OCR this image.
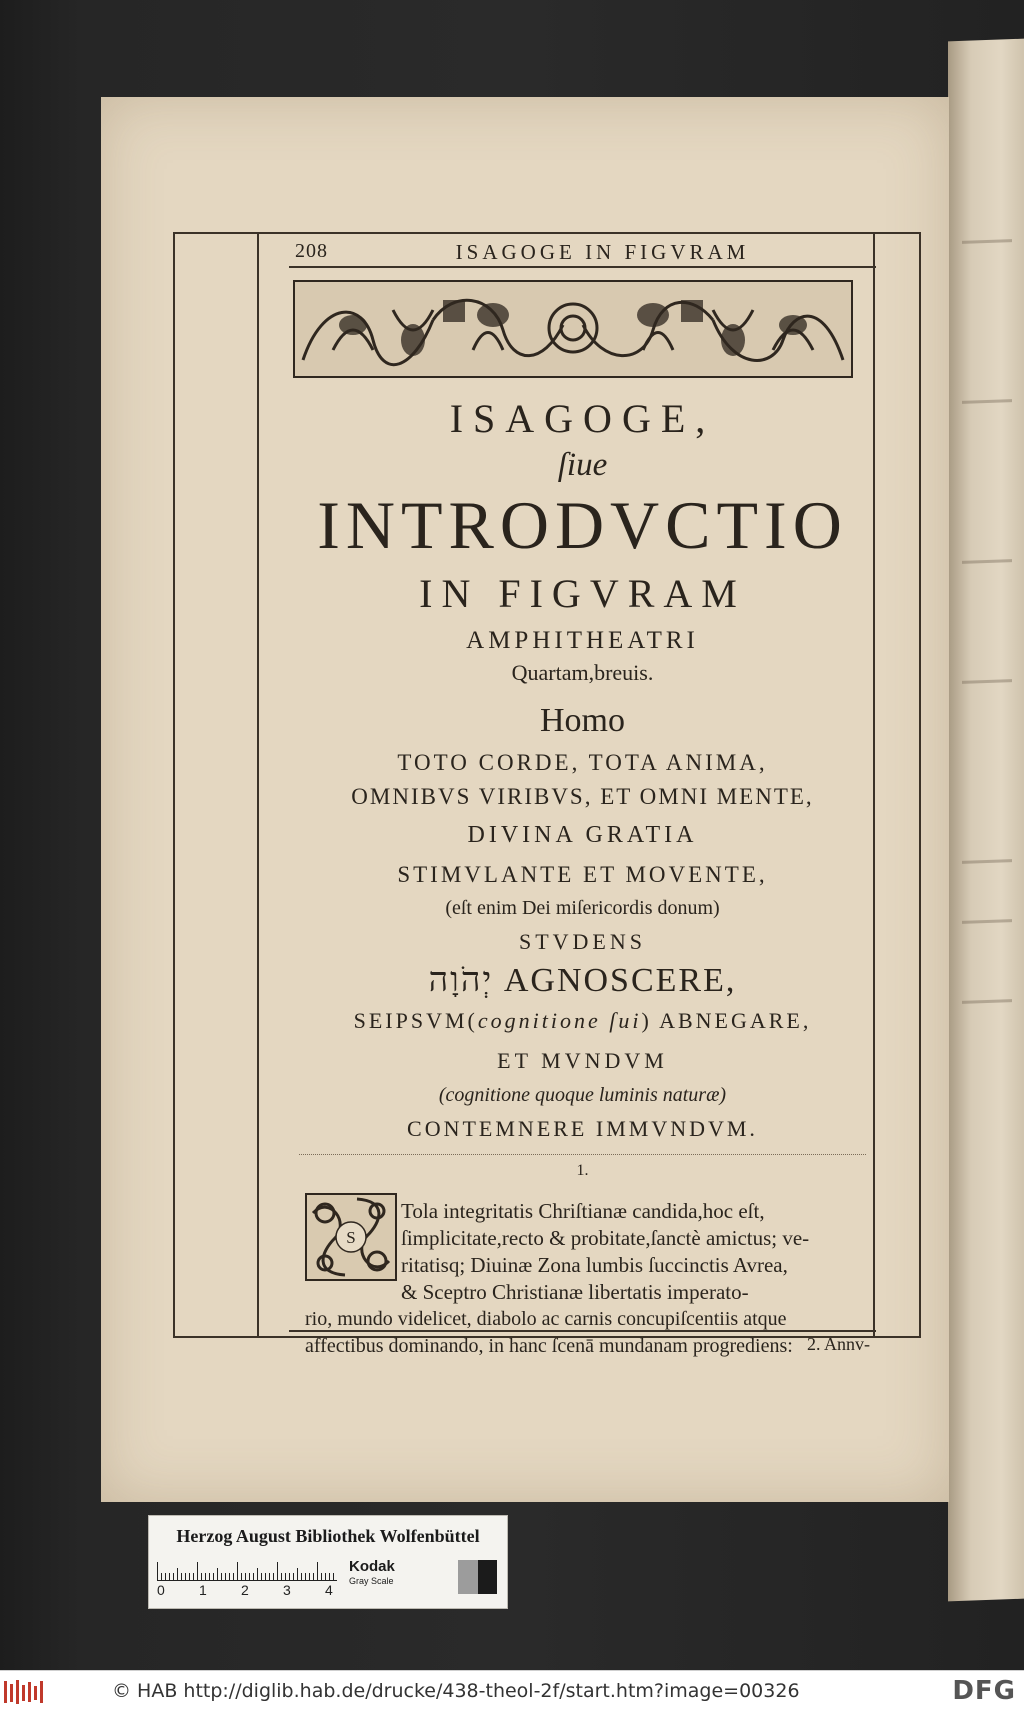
208	ISAGOGE IN FIGVRAM
ISAGOGE,
ſiue
INTRODVCTIO
IN FIGVRAM
AMPHITHEATRI
Quartam,breuis.
Homo
TOTO CORDE, TOTA ANIMA,
OMNIBVS VIRIBVS, ET OMNI MENTE,
DIVINA GRATIA
STIMVLANTE ET MOVENTE,
(eſt enim Dei miſericordis donum)
STVDENS
יְהֹוָה AGNOSCERE,
SEIPSVM(cognitione ſui) ABNEGARE,
ET MVNDVM
(cognitione quoque luminis naturæ)
CONTEMNERE IMMVNDVM.
1.
S
Tola integritatis Chriſtianæ candida,hoc eſt,
ſimplicitate,recto & probitate,ſanctè amictus; ve-
ritatisq; Diuinæ Zona lumbis ſuccinctis Avrea,
& Sceptro Christianæ libertatis imperato-
rio, mundo videlicet, diabolo ac carnis concupiſcentiis atque
affectibus dominando, in hanc ſcenā mundanam progrediens: 2. Annv-
Herzog August Bibliothek Wolfenbüttel
0 1 2 3 4
Kodak
Gray Scale
© HAB http://diglib.hab.de/drucke/438-theol-2f/start.htm?image=00326	DFG
